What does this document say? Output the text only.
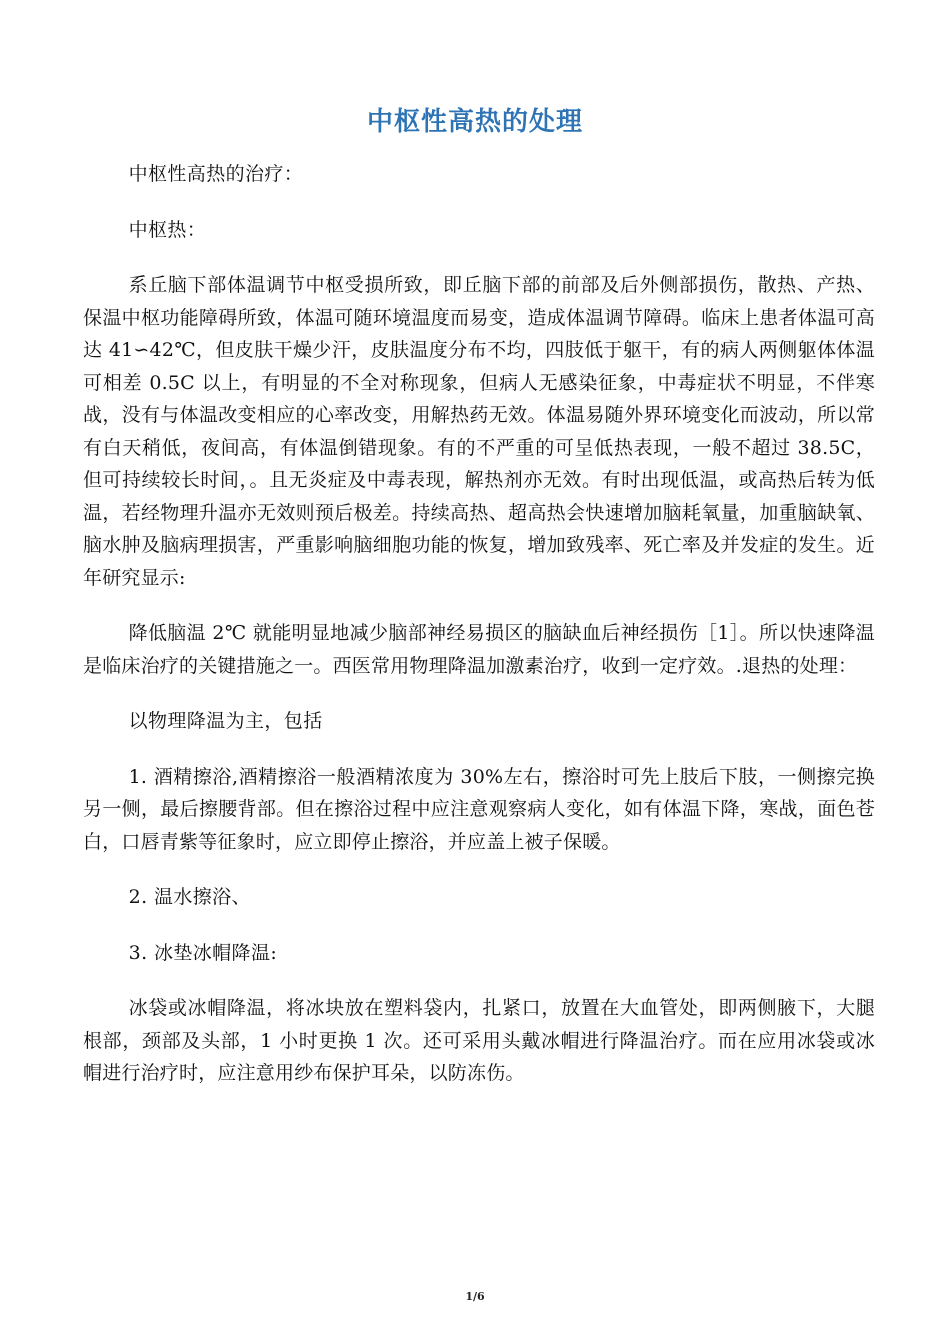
中枢性高热的处理

中枢性高热的治疗：

中枢热：

系丘脑下部体温调节中枢受损所致，即丘脑下部的前部及后外侧部损伤，散热、产热、保温中枢功能障碍所致，体温可随环境温度而易变，造成体温调节障碍。临床上患者体温可高达 41∽42℃，但皮肤干燥少汗，皮肤温度分布不均，四肢低于躯干，有的病人两侧躯体体温可相差 0.5C 以上，有明显的不全对称现象，但病人无感染征象，中毒症状不明显，不伴寒战，没有与体温改变相应的心率改变，用解热药无效。体温易随外界环境变化而波动，所以常有白天稍低，夜间高，有体温倒错现象。有的不严重的可呈低热表现，一般不超过 38.5C，但可持续较长时间，。且无炎症及中毒表现，解热剂亦无效。有时出现低温，或高热后转为低温，若经物理升温亦无效则预后极差。持续高热、超高热会快速增加脑耗氧量，加重脑缺氧、脑水肿及脑病理损害，严重影响脑细胞功能的恢复，增加致残率、死亡率及并发症的发生。近年研究显示:

降低脑温 2℃ 就能明显地减少脑部神经易损区的脑缺血后神经损伤［1］。所以快速降温是临床治疗的关键措施之一。西医常用物理降温加激素治疗，收到一定疗效。.退热的处理：

以物理降温为主，包括

1. 酒精擦浴,酒精擦浴一般酒精浓度为 30%左右，擦浴时可先上肢后下肢，一侧擦完换另一侧，最后擦腰背部。但在擦浴过程中应注意观察病人变化，如有体温下降，寒战，面色苍白，口唇青紫等征象时，应立即停止擦浴，并应盖上被子保暖。

2. 温水擦浴、

3. 冰垫冰帽降温:

冰袋或冰帽降温，将冰块放在塑料袋内，扎紧口，放置在大血管处，即两侧腋下，大腿根部，颈部及头部，1 小时更换 1 次。还可采用头戴冰帽进行降温治疗。而在应用冰袋或冰帽进行治疗时，应注意用纱布保护耳朵，以防冻伤。

1/6
